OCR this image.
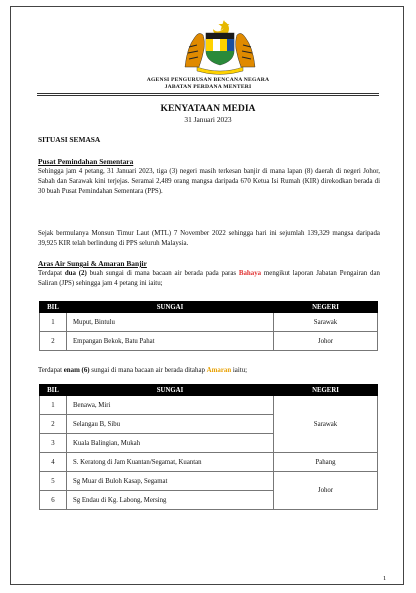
AGENSI PENGURUSAN BENCANA NEGARA
JABATAN PERDANA MENTERI
KENYATAAN MEDIA
31 Januari 2023
SITUASI SEMASA
Pusat Pemindahan Sementara
Sehingga jam 4 petang, 31 Januari 2023, tiga (3) negeri masih terkesan banjir di mana lapan (8) daerah di negeri Johor, Sabah dan Sarawak kini terjejas. Seramai 2,489 orang mangsa daripada 670 Ketua Isi Rumah (KIR) direkodkan berada di 30 buah Pusat Pemindahan Sementara (PPS).
Sejak bermulanya Monsun Timur Laut (MTL) 7 November 2022 sehingga hari ini sejumlah 139,329 mangsa daripada 39,925 KIR telah berlindung di PPS seluruh Malaysia.
Aras Air Sungai & Amaran Banjir
Terdapat dua (2) buah sungai di mana bacaan air berada pada paras Bahaya mengikut laporan Jabatan Pengairan dan Saliran (JPS) sehingga jam 4 petang ini iaitu;
BIL	SUNGAI	NEGERI
1	Muput, Bintulu	Sarawak
2	Empangan Bekok, Batu Pahat	Johor
Terdapat enam (6) sungai di mana bacaan air berada ditahap Amaran iaitu;
BIL	SUNGAI	NEGERI
1	Benawa, Miri	Sarawak
2	Selangau B, Sibu	
3	Kuala Balingian, Mukah	
4	S. Keratong di Jam Kuantan/Segamat, Kuantan	Pahang
5	Sg Muar di Buloh Kasap, Segamat	Johor
6	Sg Endau di Kg. Labong, Mersing	
1
